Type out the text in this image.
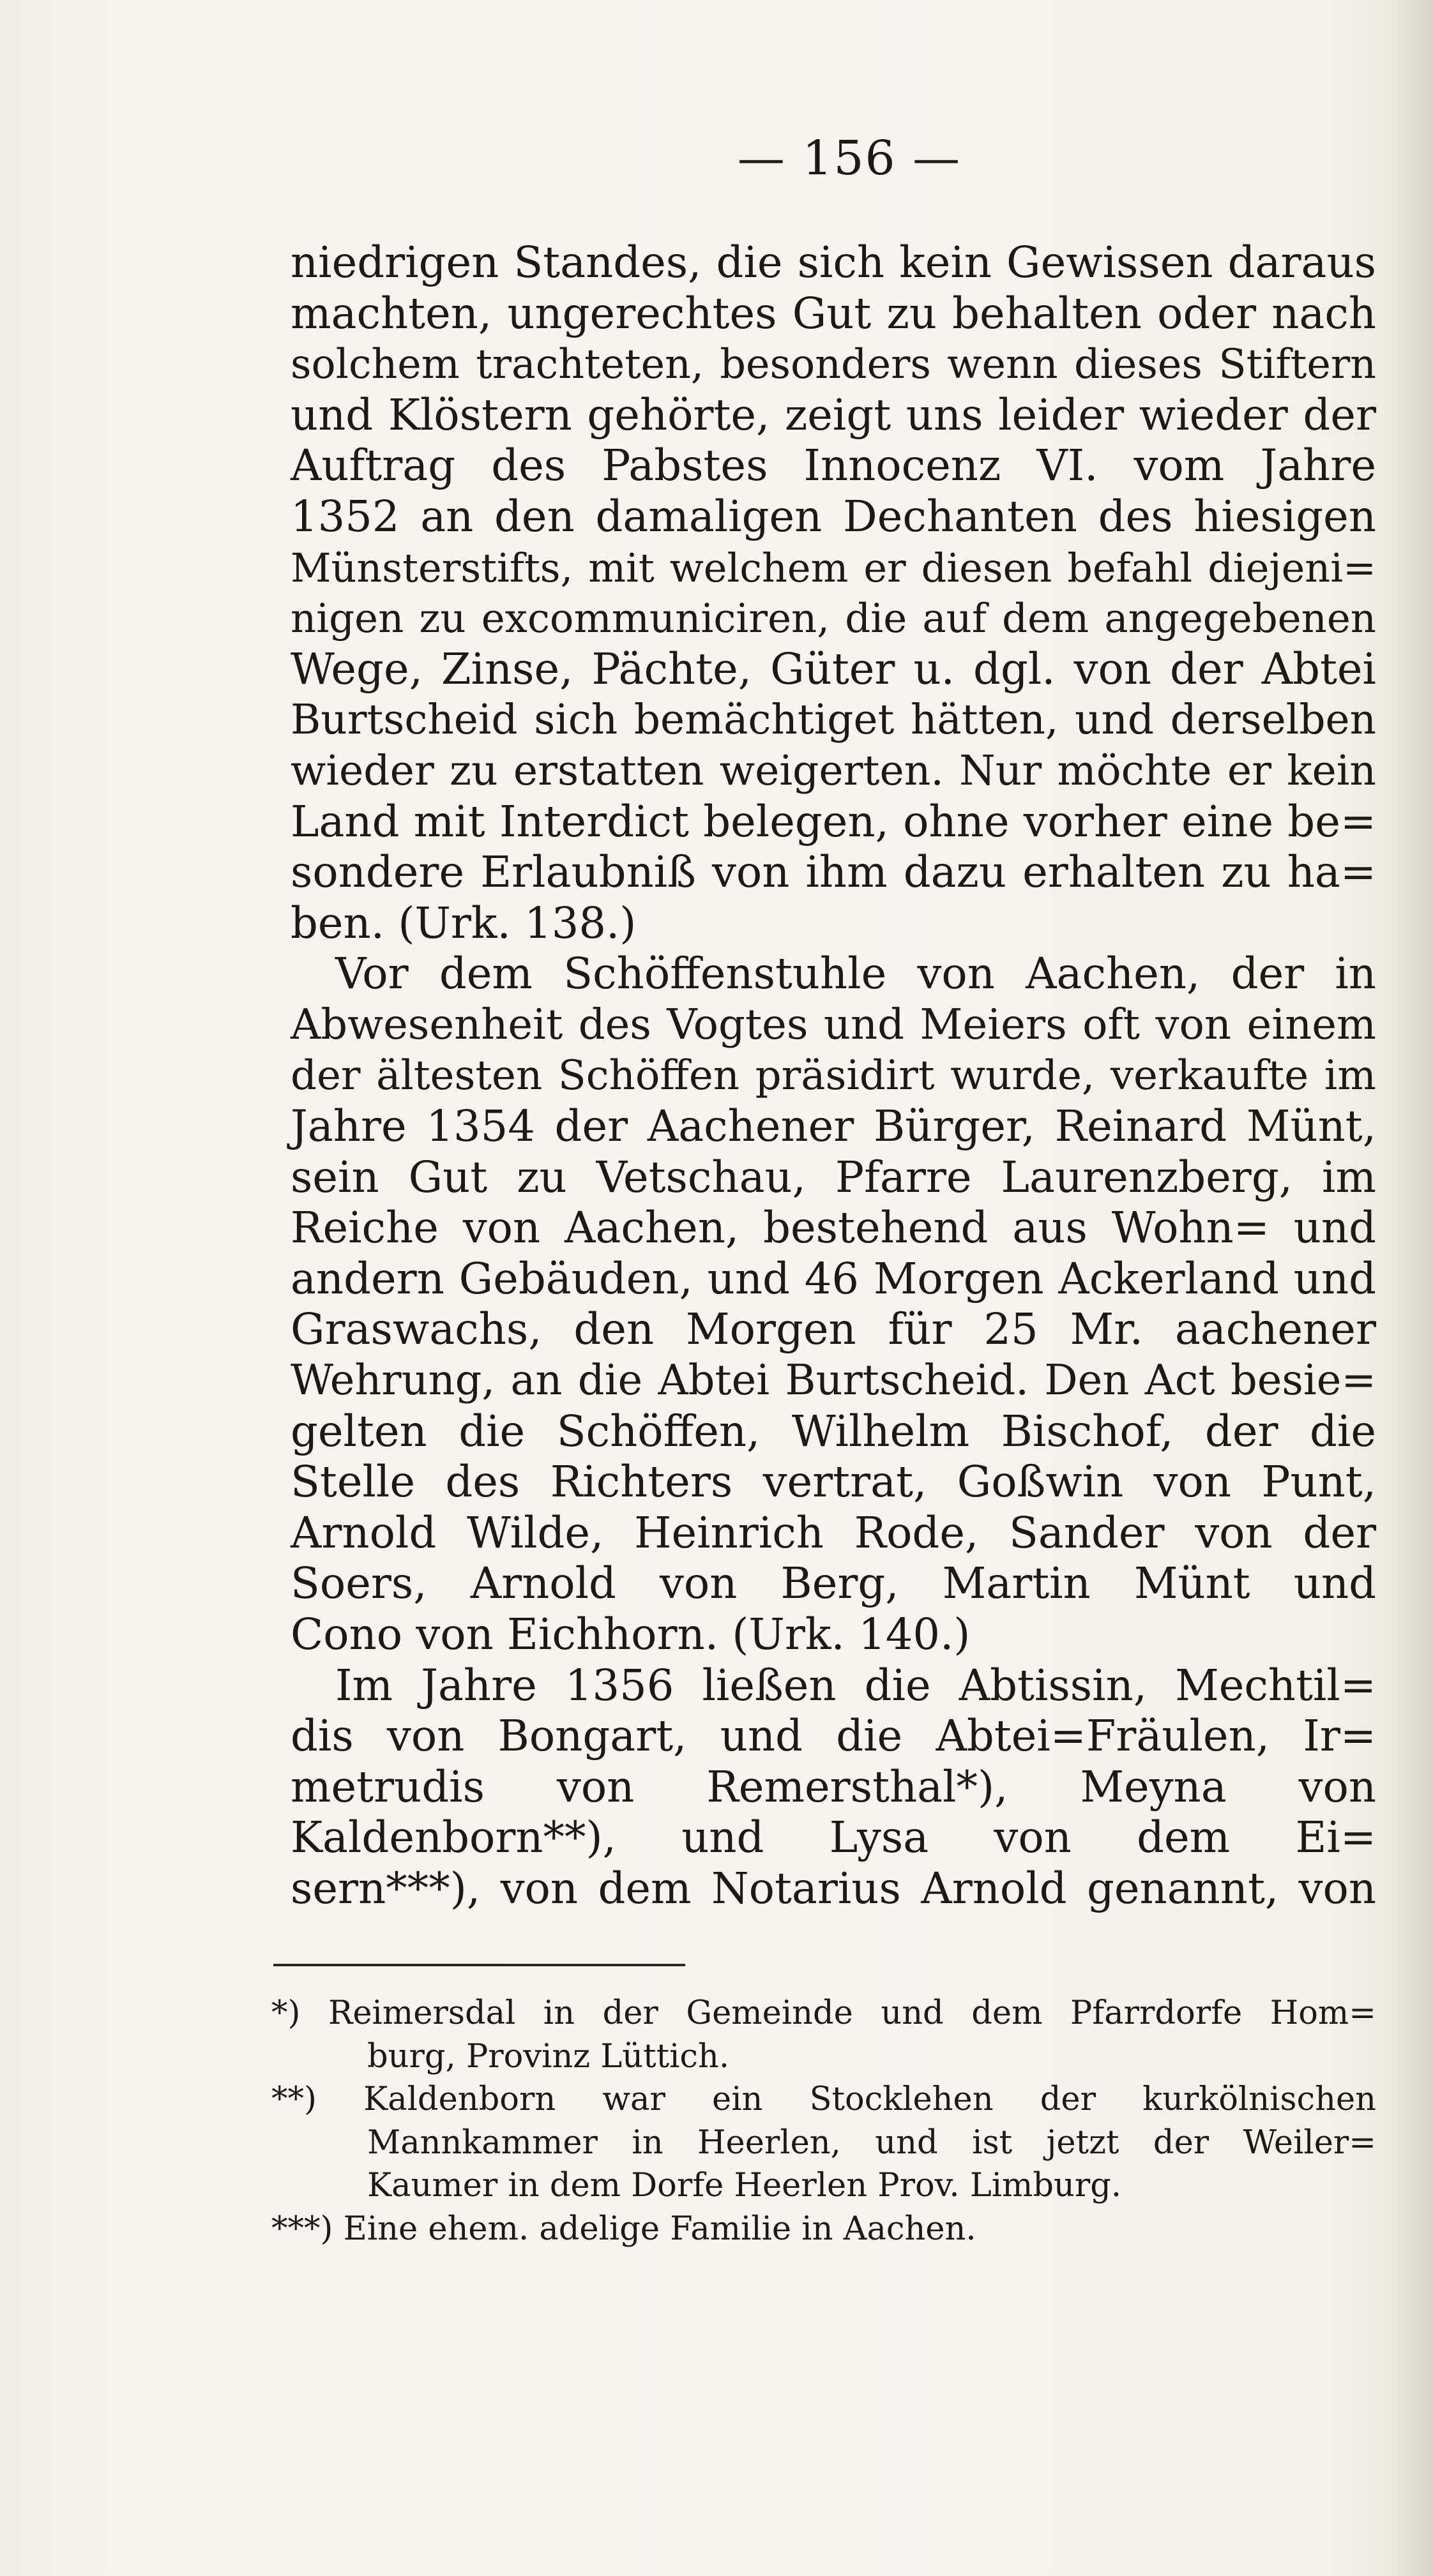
— 156 —
niedrigen Standes, die sich kein Gewissen daraus
machten, ungerechtes Gut zu behalten oder nach
solchem trachteten, besonders wenn dieses Stiftern
und Klöstern gehörte, zeigt uns leider wieder der
Auftrag des Pabstes Innocenz VI. vom Jahre
1352 an den damaligen Dechanten des hiesigen
Münsterstifts, mit welchem er diesen befahl diejeni=
nigen zu excommuniciren, die auf dem angegebenen
Wege, Zinse, Pächte, Güter u. dgl. von der Abtei
Burtscheid sich bemächtiget hätten, und derselben
wieder zu erstatten weigerten. Nur möchte er kein
Land mit Interdict belegen, ohne vorher eine be=
sondere Erlaubniß von ihm dazu erhalten zu ha=
ben. (Urk. 138.)
Vor dem Schöffenstuhle von Aachen, der in
Abwesenheit des Vogtes und Meiers oft von einem
der ältesten Schöffen präsidirt wurde, verkaufte im
Jahre 1354 der Aachener Bürger, Reinard Münt,
sein Gut zu Vetschau, Pfarre Laurenzberg, im
Reiche von Aachen, bestehend aus Wohn= und
andern Gebäuden, und 46 Morgen Ackerland und
Graswachs, den Morgen für 25 Mr. aachener
Wehrung, an die Abtei Burtscheid. Den Act besie=
gelten die Schöffen, Wilhelm Bischof, der die
Stelle des Richters vertrat, Goßwin von Punt,
Arnold Wilde, Heinrich Rode, Sander von der
Soers, Arnold von Berg, Martin Münt und
Cono von Eichhorn. (Urk. 140.)
Im Jahre 1356 ließen die Abtissin, Mechtil=
dis von Bongart, und die Abtei=Fräulen, Ir=
metrudis von Remersthal*), Meyna von
Kaldenborn**), und Lysa von dem Ei=
sern***), von dem Notarius Arnold genannt, von
*) Reimersdal in der Gemeinde und dem Pfarrdorfe Hom=
burg, Provinz Lüttich.
**) Kaldenborn war ein Stocklehen der kurkölnischen
Mannkammer in Heerlen, und ist jetzt der Weiler=
Kaumer in dem Dorfe Heerlen Prov. Limburg.
***) Eine ehem. adelige Familie in Aachen.
